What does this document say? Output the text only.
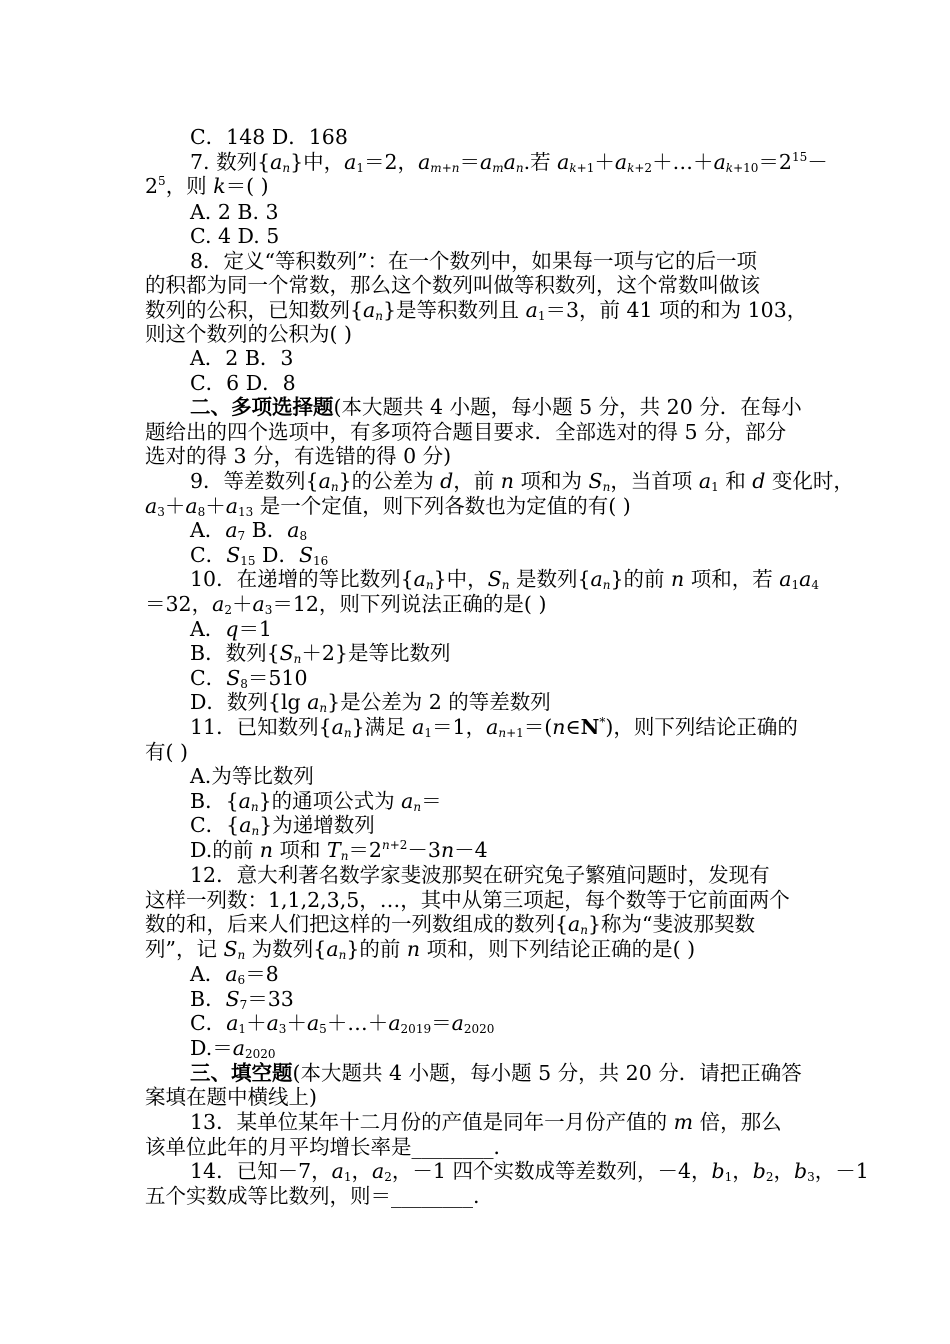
C．148 D．168
7. 数列$\{a_n\}$中，$a_1=2$，$a_{m+n}=a_ma_n$.若 $a_{k+1}+a_{k+2}+\dots+a_{k+10}=2^{15}-$
$2^5$，则 k＝( )
A. 2 B. 3
C. 4 D. 5
8．定义“等积数列”：在一个数列中，如果每一项与它的后一项
的积都为同一个常数，那么这个数列叫做等积数列，这个常数叫做该
数列的公积，已知数列$\{a_n\}$是等积数列且 $a_1=3$，前 41 项的和为 103，
则这个数列的公积为( )
A．2 B．3
C．6 D．8
二、多项选择题(本大题共 4 小题，每小题 5 分，共 20 分．在每小
题给出的四个选项中，有多项符合题目要求．全部选对的得 5 分，部分
选对的得 3 分，有选错的得 0 分)
9．等差数列$\{a_n\}$的公差为 d，前 n 项和为 $S_n$，当首项 $a_1$ 和 d 变化时，
$a_3+a_8+a_{13}$ 是一个定值，则下列各数也为定值的有( )
A．$a_7$ B．$a_8$
C．$S_{15}$ D．$S_{16}$
10．在递增的等比数列$\{a_n\}$中，$S_n$ 是数列$\{a_n\}$的前 n 项和，若 $a_1a_4$
＝32，$a_2+a_3=12$，则下列说法正确的是( )
A．q＝1
B．数列$\{S_n+2\}$是等比数列
C．$S_8=510$
D．数列{lg $a_n$}是公差为 2 的等差数列
11．已知数列$\{a_n\}$满足 $a_1=1$，$a_{n+1}=(n\in N^*)$，则下列结论正确的
有( )
A.为等比数列
B．$\{a_n\}$的通项公式为 $a_n=$
C．$\{a_n\}$为递增数列
D.的前 n 项和 $T_n=2^{n+2}-3n-4$
12．意大利著名数学家斐波那契在研究兔子繁殖问题时，发现有
这样一列数：1,1,2,3,5，…，其中从第三项起，每个数等于它前面两个
数的和，后来人们把这样的一列数组成的数列$\{a_n\}$称为“斐波那契数
列”，记 $S_n$ 为数列$\{a_n\}$的前 n 项和，则下列结论正确的是( )
A．$a_6=8$
B．$S_7=33$
C．$a_1+a_3+a_5+\dots+a_{2019}=a_{2020}$
$D.=a_{2020}$
三、填空题(本大题共 4 小题，每小题 5 分，共 20 分．请把正确答
案填在题中横线上)
13．某单位某年十二月份的产值是同年一月份产值的 m 倍，那么
该单位此年的月平均增长率是________．
14．已知－7，$a_1$，$a_2$，－1 四个实数成等差数列，－4，$b_1$，$b_2$，$b_3$，－1
五个实数成等比数列，则＝________.
